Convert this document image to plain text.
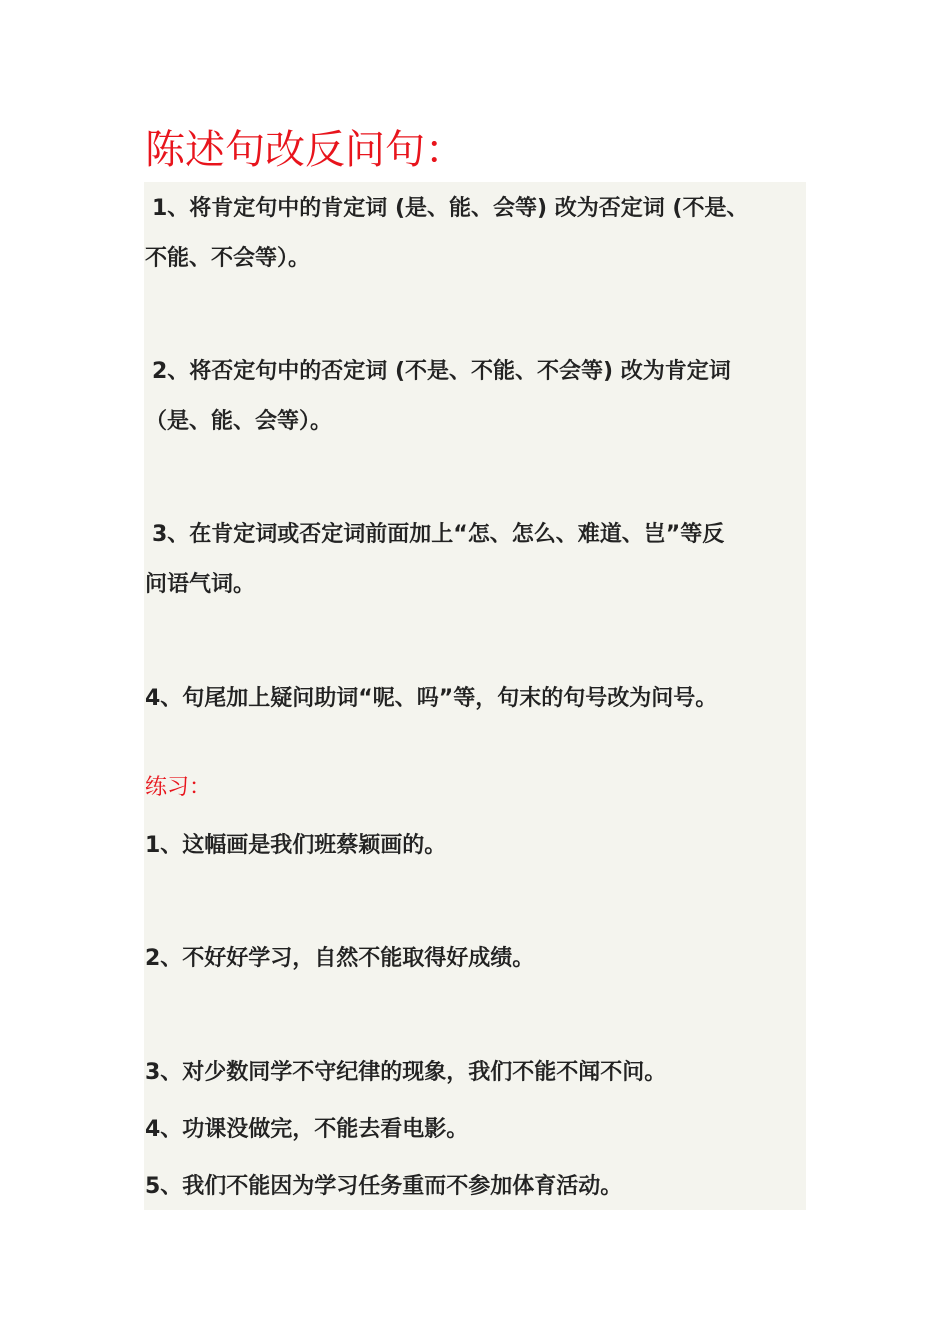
陈述句改反问句：

1、将肯定句中的肯定词 (是、能、会等) 改为否定词 (不是、

不能、不会等）。

2、将否定句中的否定词 (不是、不能、不会等) 改为肯定词

（是、能、会等）。

3、在肯定词或否定词前面加上“怎、怎么、难道、岂”等反

问语气词。

4、句尾加上疑问助词“呢、吗”等，句末的句号改为问号。

练习：

1、这幅画是我们班蔡颖画的。

2、不好好学习，自然不能取得好成绩。

3、对少数同学不守纪律的现象，我们不能不闻不问。

4、功课没做完，不能去看电影。

5、我们不能因为学习任务重而不参加体育活动。
